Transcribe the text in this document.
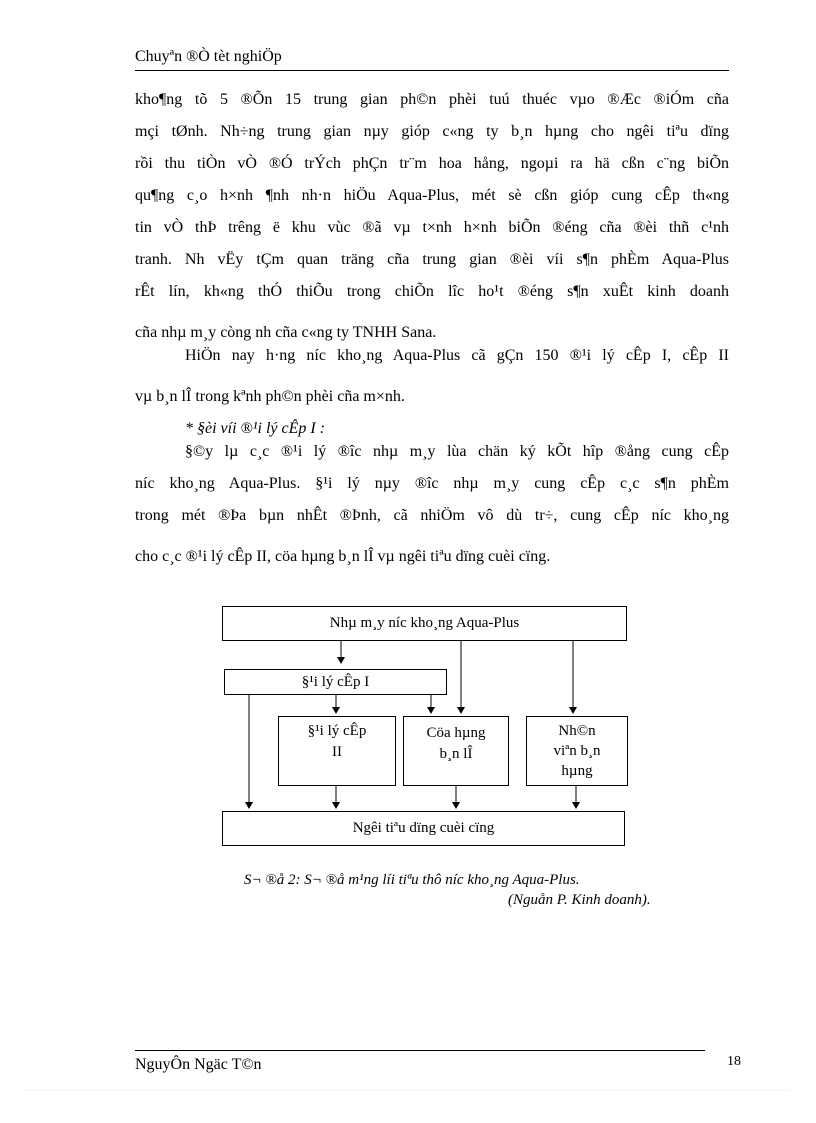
Chuyªn ®Ò tèt nghiÖp

kho¶ng tõ 5 ®Õn 15 trung gian ph©n phèi tuú thuéc vµo ®Æc ®iÓm cña

mçi tØnh. Nh÷ng trung gian nµy gióp c«ng ty b¸n hµng cho ngêi tiªu dïng

rồi thu tiÒn vÒ ®Ó trÝch phÇn tr¨m hoa hång, ngoµi ra hä cßn c¨ng biÕn

qu¶ng c¸o h×nh ¶nh nh·n hiÖu Aqua-Plus, mét sè cßn gióp cung cÊp th«ng

tin vÒ thÞ trêng ë khu vùc ®ã vµ t×nh h×nh biÕn ®éng cña ®èi thñ c¹nh

tranh. Nh vËy tÇm quan träng cña trung gian ®èi víi s¶n phÈm Aqua-Plus

rÊt lín, kh«ng thÓ thiÕu trong chiÕn lîc ho¹t ®éng s¶n xuÊt kinh doanh

cña nhµ m¸y còng nh cña c«ng ty TNHH Sana.

HiÖn nay h·ng níc kho¸ng Aqua-Plus cã gÇn 150 ®¹i lý cÊp I, cÊp II

vµ b¸n lÎ trong kªnh ph©n phèi cña m×nh.
* §èi víi ®¹i lý cÊp I :

§©y lµ c¸c ®¹i lý ®îc nhµ m¸y lùa chän ký kÕt hîp ®ång cung cÊp

níc kho¸ng Aqua-Plus. §¹i lý nµy ®îc nhµ m¸y cung cÊp c¸c s¶n phÈm

trong mét ®Þa bµn nhÊt ®Þnh, cã nhiÖm vô dù tr÷, cung cÊp níc kho¸ng

cho c¸c ®¹i lý cÊp II, cöa hµng b¸n lÎ vµ ngêi tiªu dïng cuèi cïng.
Nhµ m¸y níc kho¸ng Aqua-Plus
§¹i lý cÊp I
§¹i lý cÊp
II
Cöa hµng
b¸n lÎ
Nh©n
viªn b¸n
hµng
Ngêi tiªu dïng cuèi cïng
S¬ ®å 2: S¬ ®å m¹ng líi tiªu thô níc kho¸ng Aqua-Plus.
(Nguån P. Kinh doanh).
NguyÔn Ngäc T©n	18
